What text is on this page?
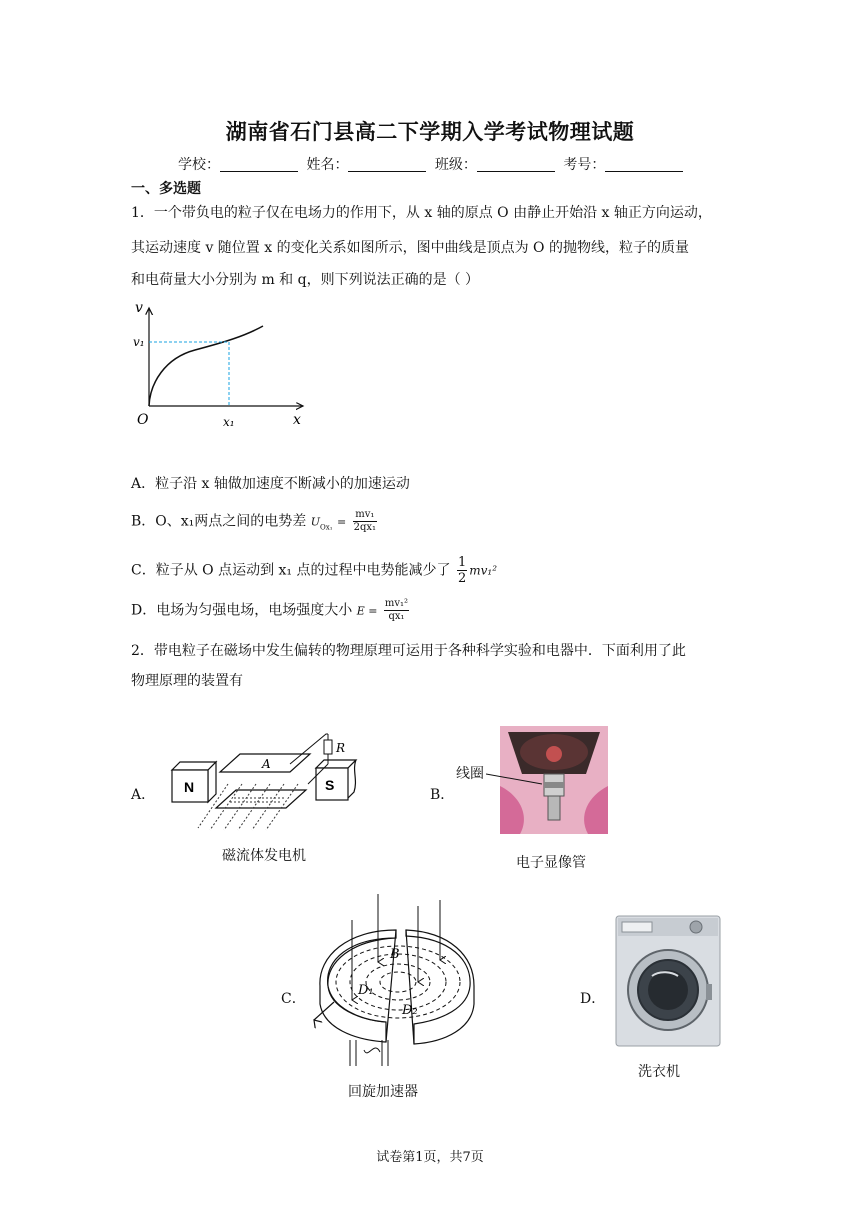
湖南省石门县高二下学期入学考试物理试题
学校：	姓名：	班级：	考号：
一、多选题
1．一个带负电的粒子仅在电场力的作用下，从 x 轴的原点 O 由静止开始沿 x 轴正方向运动，
其运动速度 v 随位置 x 的变化关系如图所示，图中曲线是顶点为 O 的抛物线，粒子的质量
和电荷量大小分别为 m 和 q，则下列说法正确的是（ ）
v
v₁
O	x₁	x
A．粒子沿 x 轴做加速度不断减小的加速运动
B．O、x₁两点之间的电势差 $U_{Ox_1} = \frac{\text{mv₁}}{\text{2qx₁}}$
C．粒子从 O 点运动到 x₁ 点的过程中电势能减少了 $\frac{1}{2} mv_1^2$
D．电场为匀强电场，电场强度大小 $E = \frac{\text{mv₁²}}{\text{qx₁}}$
2．带电粒子在磁场中发生偏转的物理原理可运用于各种科学实验和电器中．下面利用了此
物理原理的装置有
A． N	S
A
R
磁流体发电机
B．
线圈
电子显像管
C．
B
D₁
D₂
回旋加速器
D．
洗衣机
试卷第1页，共7页
